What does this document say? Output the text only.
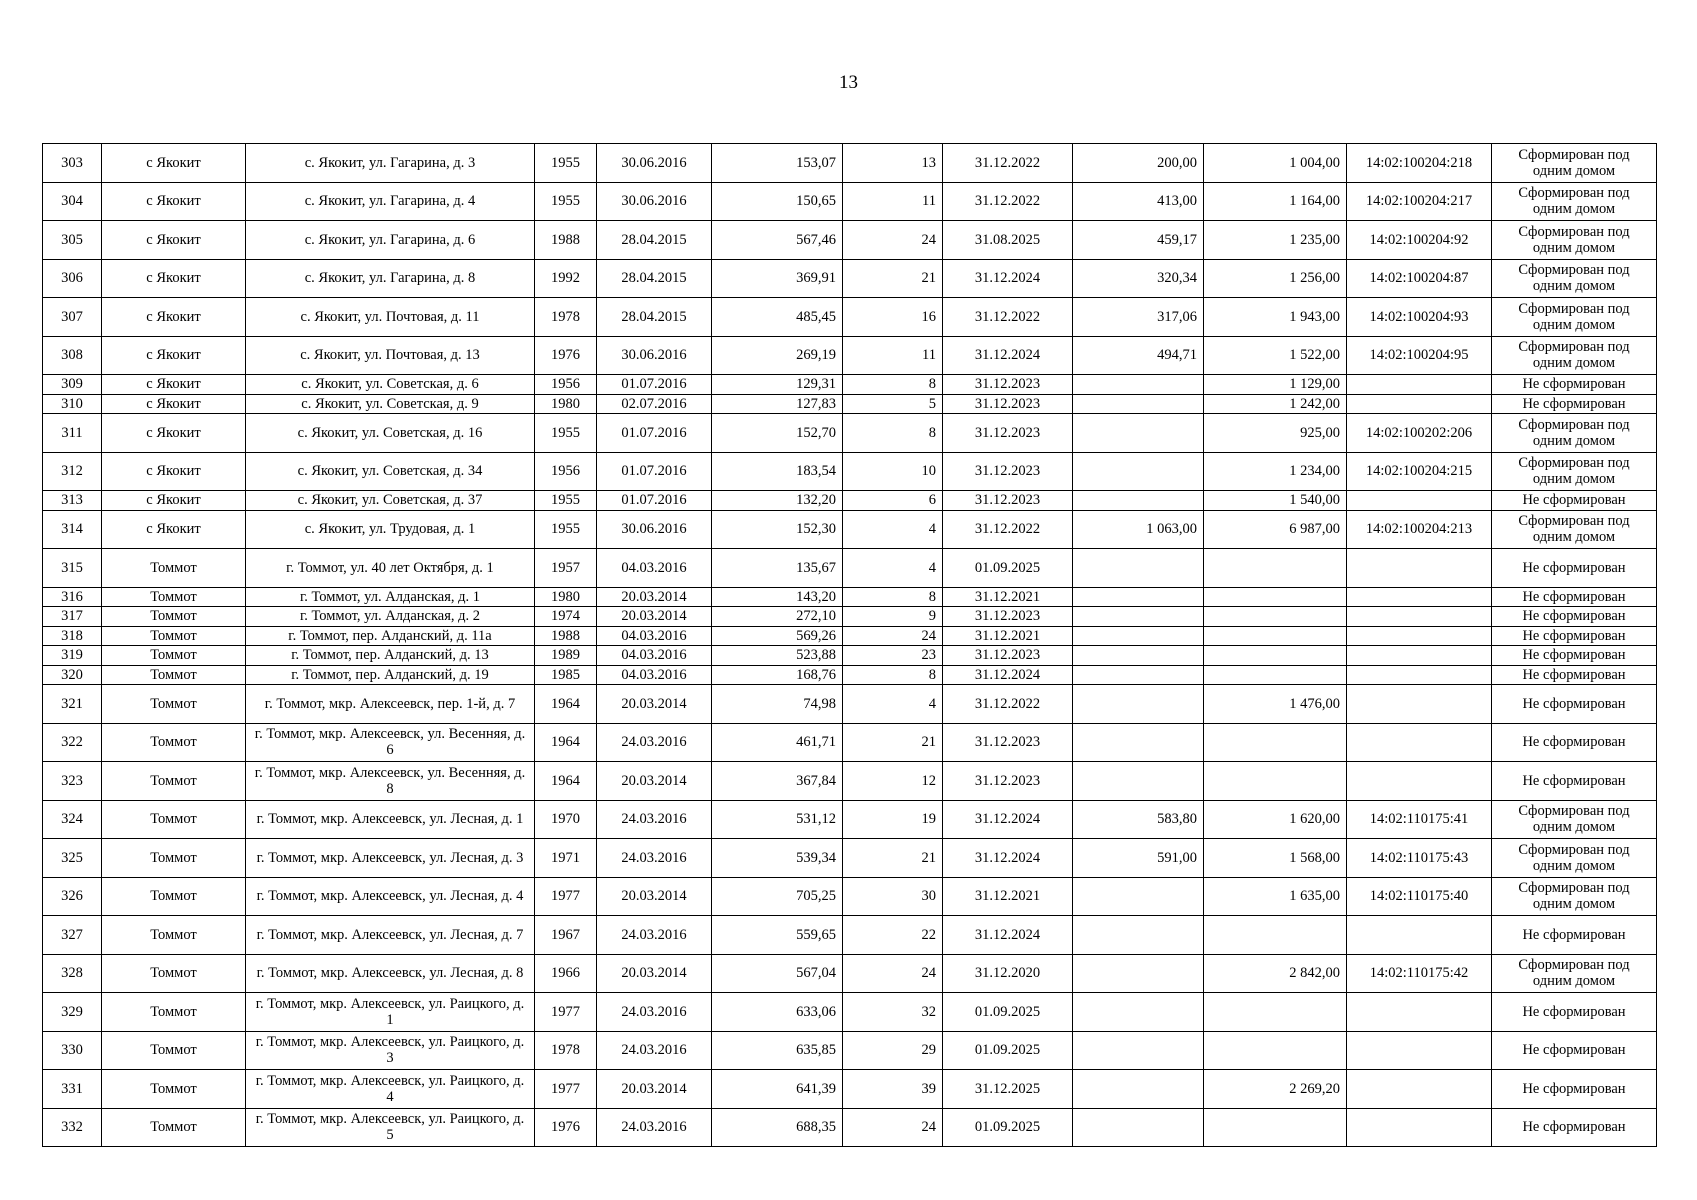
13
303	с Якокит	с. Якокит, ул. Гагарина, д. 3	1955	30.06.2016	153,07	13	31.12.2022	200,00	1 004,00	14:02:100204:218	Сформирован под одним домом
304	с Якокит	с. Якокит, ул. Гагарина, д. 4	1955	30.06.2016	150,65	11	31.12.2022	413,00	1 164,00	14:02:100204:217	Сформирован под одним домом
305	с Якокит	с. Якокит, ул. Гагарина, д. 6	1988	28.04.2015	567,46	24	31.08.2025	459,17	1 235,00	14:02:100204:92	Сформирован под одним домом
306	с Якокит	с. Якокит, ул. Гагарина, д. 8	1992	28.04.2015	369,91	21	31.12.2024	320,34	1 256,00	14:02:100204:87	Сформирован под одним домом
307	с Якокит	с. Якокит, ул. Почтовая, д. 11	1978	28.04.2015	485,45	16	31.12.2022	317,06	1 943,00	14:02:100204:93	Сформирован под одним домом
308	с Якокит	с. Якокит, ул. Почтовая, д. 13	1976	30.06.2016	269,19	11	31.12.2024	494,71	1 522,00	14:02:100204:95	Сформирован под одним домом
309	с Якокит	с. Якокит, ул. Советская, д. 6	1956	01.07.2016	129,31	8	31.12.2023		1 129,00		Не сформирован
310	с Якокит	с. Якокит, ул. Советская, д. 9	1980	02.07.2016	127,83	5	31.12.2023		1 242,00		Не сформирован
311	с Якокит	с. Якокит, ул. Советская, д. 16	1955	01.07.2016	152,70	8	31.12.2023		925,00	14:02:100202:206	Сформирован под одним домом
312	с Якокит	с. Якокит, ул. Советская, д. 34	1956	01.07.2016	183,54	10	31.12.2023		1 234,00	14:02:100204:215	Сформирован под одним домом
313	с Якокит	с. Якокит, ул. Советская, д. 37	1955	01.07.2016	132,20	6	31.12.2023		1 540,00		Не сформирован
314	с Якокит	с. Якокит, ул. Трудовая, д. 1	1955	30.06.2016	152,30	4	31.12.2022	1 063,00	6 987,00	14:02:100204:213	Сформирован под одним домом
315	Томмот	г. Томмот, ул. 40 лет Октября, д. 1	1957	04.03.2016	135,67	4	01.09.2025				Не сформирован
316	Томмот	г. Томмот, ул. Алданская, д. 1	1980	20.03.2014	143,20	8	31.12.2021				Не сформирован
317	Томмот	г. Томмот, ул. Алданская, д. 2	1974	20.03.2014	272,10	9	31.12.2023				Не сформирован
318	Томмот	г. Томмот, пер. Алданский, д. 11а	1988	04.03.2016	569,26	24	31.12.2021				Не сформирован
319	Томмот	г. Томмот, пер. Алданский, д. 13	1989	04.03.2016	523,88	23	31.12.2023				Не сформирован
320	Томмот	г. Томмот, пер. Алданский, д. 19	1985	04.03.2016	168,76	8	31.12.2024				Не сформирован
321	Томмот	г. Томмот, мкр. Алексеевск, пер. 1-й, д. 7	1964	20.03.2014	74,98	4	31.12.2022		1 476,00		Не сформирован
322	Томмот	г. Томмот, мкр. Алексеевск, ул. Весенняя, д. 6	1964	24.03.2016	461,71	21	31.12.2023				Не сформирован
323	Томмот	г. Томмот, мкр. Алексеевск, ул. Весенняя, д. 8	1964	20.03.2014	367,84	12	31.12.2023				Не сформирован
324	Томмот	г. Томмот, мкр. Алексеевск, ул. Лесная, д. 1	1970	24.03.2016	531,12	19	31.12.2024	583,80	1 620,00	14:02:110175:41	Сформирован под одним домом
325	Томмот	г. Томмот, мкр. Алексеевск, ул. Лесная, д. 3	1971	24.03.2016	539,34	21	31.12.2024	591,00	1 568,00	14:02:110175:43	Сформирован под одним домом
326	Томмот	г. Томмот, мкр. Алексеевск, ул. Лесная, д. 4	1977	20.03.2014	705,25	30	31.12.2021		1 635,00	14:02:110175:40	Сформирован под одним домом
327	Томмот	г. Томмот, мкр. Алексеевск, ул. Лесная, д. 7	1967	24.03.2016	559,65	22	31.12.2024				Не сформирован
328	Томмот	г. Томмот, мкр. Алексеевск, ул. Лесная, д. 8	1966	20.03.2014	567,04	24	31.12.2020		2 842,00	14:02:110175:42	Сформирован под одним домом
329	Томмот	г. Томмот, мкр. Алексеевск, ул. Раицкого, д. 1	1977	24.03.2016	633,06	32	01.09.2025				Не сформирован
330	Томмот	г. Томмот, мкр. Алексеевск, ул. Раицкого, д. 3	1978	24.03.2016	635,85	29	01.09.2025				Не сформирован
331	Томмот	г. Томмот, мкр. Алексеевск, ул. Раицкого, д. 4	1977	20.03.2014	641,39	39	31.12.2025		2 269,20		Не сформирован
332	Томмот	г. Томмот, мкр. Алексеевск, ул. Раицкого, д. 5	1976	24.03.2016	688,35	24	01.09.2025				Не сформирован
